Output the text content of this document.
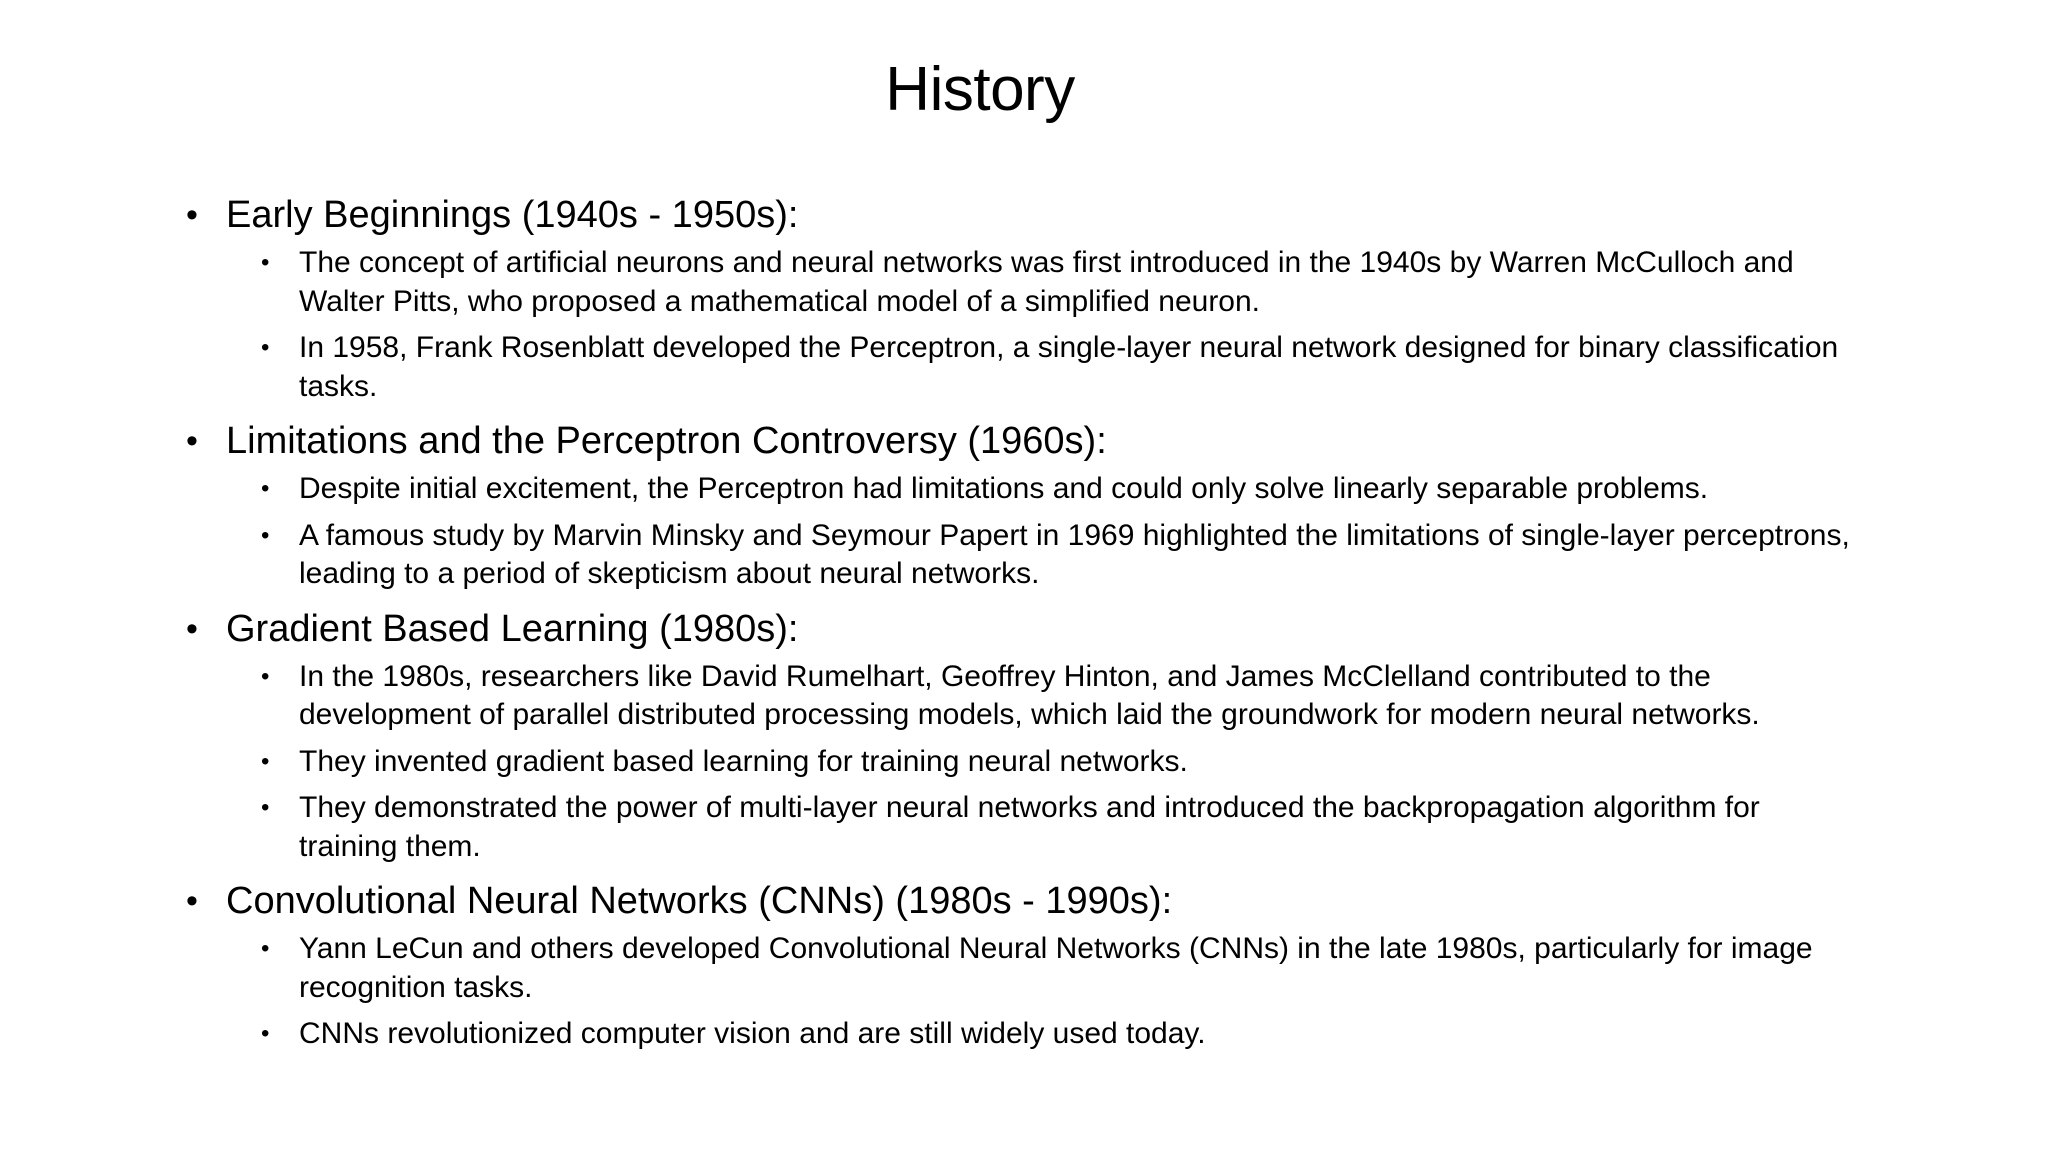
History
• Early Beginnings (1940s - 1950s):
• The concept of artificial neurons and neural networks was first introduced in the 1940s by Warren McCulloch and Walter Pitts, who proposed a mathematical model of a simplified neuron.
• In 1958, Frank Rosenblatt developed the Perceptron, a single-layer neural network designed for binary classification tasks.
• Limitations and the Perceptron Controversy (1960s):
• Despite initial excitement, the Perceptron had limitations and could only solve linearly separable problems.
• A famous study by Marvin Minsky and Seymour Papert in 1969 highlighted the limitations of single-layer perceptrons, leading to a period of skepticism about neural networks.
• Gradient Based Learning (1980s):
• In the 1980s, researchers like David Rumelhart, Geoffrey Hinton, and James McClelland contributed to the development of parallel distributed processing models, which laid the groundwork for modern neural networks.
• They invented gradient based learning for training neural networks.
• They demonstrated the power of multi-layer neural networks and introduced the backpropagation algorithm for training them.
• Convolutional Neural Networks (CNNs) (1980s - 1990s):
• Yann LeCun and others developed Convolutional Neural Networks (CNNs) in the late 1980s, particularly for image recognition tasks.
• CNNs revolutionized computer vision and are still widely used today.
